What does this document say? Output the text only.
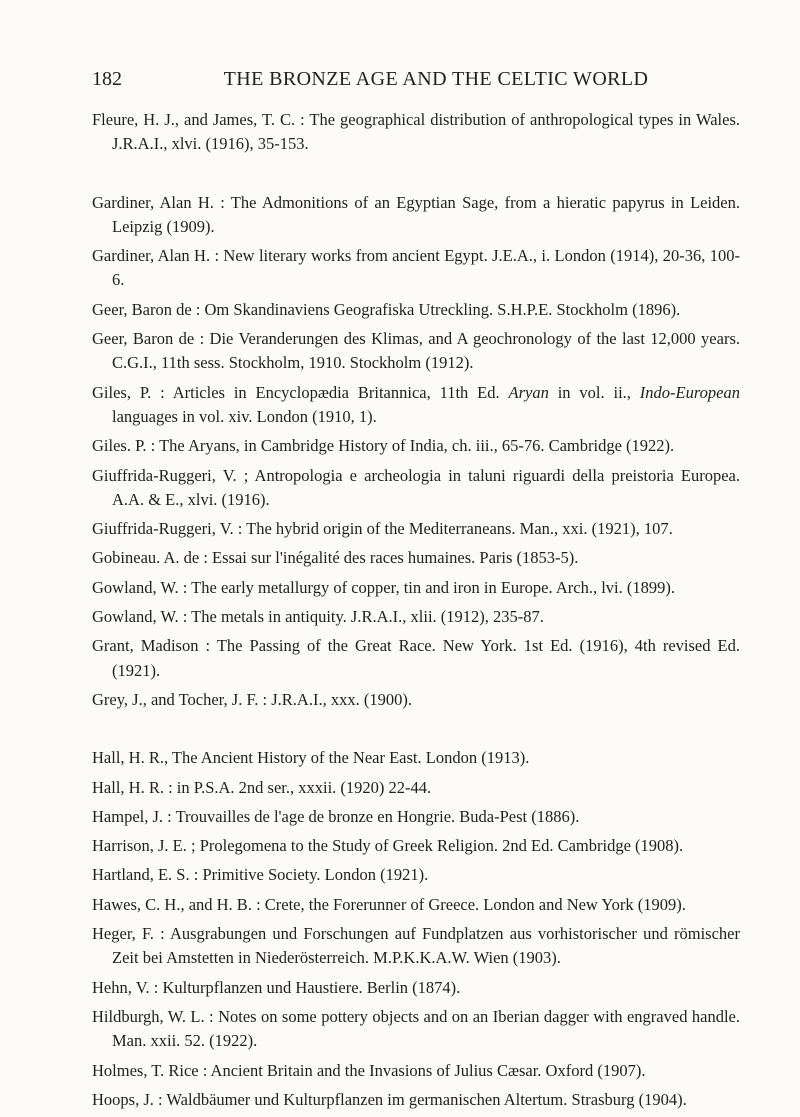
182	THE BRONZE AGE AND THE CELTIC WORLD

Fleure, H. J., and James, T. C. : The geographical distribution of anthropological types in Wales. J.R.A.I., xlvi. (1916), 35-153.

Gardiner, Alan H. : The Admonitions of an Egyptian Sage, from a hieratic papyrus in Leiden. Leipzig (1909).

Gardiner, Alan H. : New literary works from ancient Egypt. J.E.A., i. London (1914), 20-36, 100-6.

Geer, Baron de : Om Skandinaviens Geografiska Utreckling. S.H.P.E. Stockholm (1896).

Geer, Baron de : Die Veranderungen des Klimas, and A geochronology of the last 12,000 years. C.G.I., 11th sess. Stockholm, 1910. Stockholm (1912).

Giles, P. : Articles in Encyclopædia Britannica, 11th Ed. Aryan in vol. ii., Indo-European languages in vol. xiv. London (1910, 1).

Giles. P. : The Aryans, in Cambridge History of India, ch. iii., 65-76. Cambridge (1922).

Giuffrida-Ruggeri, V. ; Antropologia e archeologia in taluni riguardi della preistoria Europea. A.A. & E., xlvi. (1916).

Giuffrida-Ruggeri, V. : The hybrid origin of the Mediterraneans. Man., xxi. (1921), 107.

Gobineau. A. de : Essai sur l'inégalité des races humaines. Paris (1853-5).

Gowland, W. : The early metallurgy of copper, tin and iron in Europe. Arch., lvi. (1899).

Gowland, W. : The metals in antiquity. J.R.A.I., xlii. (1912), 235-87.

Grant, Madison : The Passing of the Great Race. New York. 1st Ed. (1916), 4th revised Ed. (1921).

Grey, J., and Tocher, J. F. : J.R.A.I., xxx. (1900).

Hall, H. R., The Ancient History of the Near East. London (1913).

Hall, H. R. : in P.S.A. 2nd ser., xxxii. (1920) 22-44.

Hampel, J. : Trouvailles de l'age de bronze en Hongrie. Buda-Pest (1886).

Harrison, J. E. ; Prolegomena to the Study of Greek Religion. 2nd Ed. Cambridge (1908).

Hartland, E. S. : Primitive Society. London (1921).

Hawes, C. H., and H. B. : Crete, the Forerunner of Greece. London and New York (1909).

Heger, F. : Ausgrabungen und Forschungen auf Fundplatzen aus vorhistorischer und römischer Zeit bei Amstetten in Niederösterreich. M.P.K.K.A.W. Wien (1903).

Hehn, V. : Kulturpflanzen und Haustiere. Berlin (1874).

Hildburgh, W. L. : Notes on some pottery objects and on an Iberian dagger with engraved handle. Man. xxii. 52. (1922).

Holmes, T. Rice : Ancient Britain and the Invasions of Julius Cæsar. Oxford (1907).

Hoops, J. : Waldbäumer und Kulturpflanzen im germanischen Altertum. Strasburg (1904).
